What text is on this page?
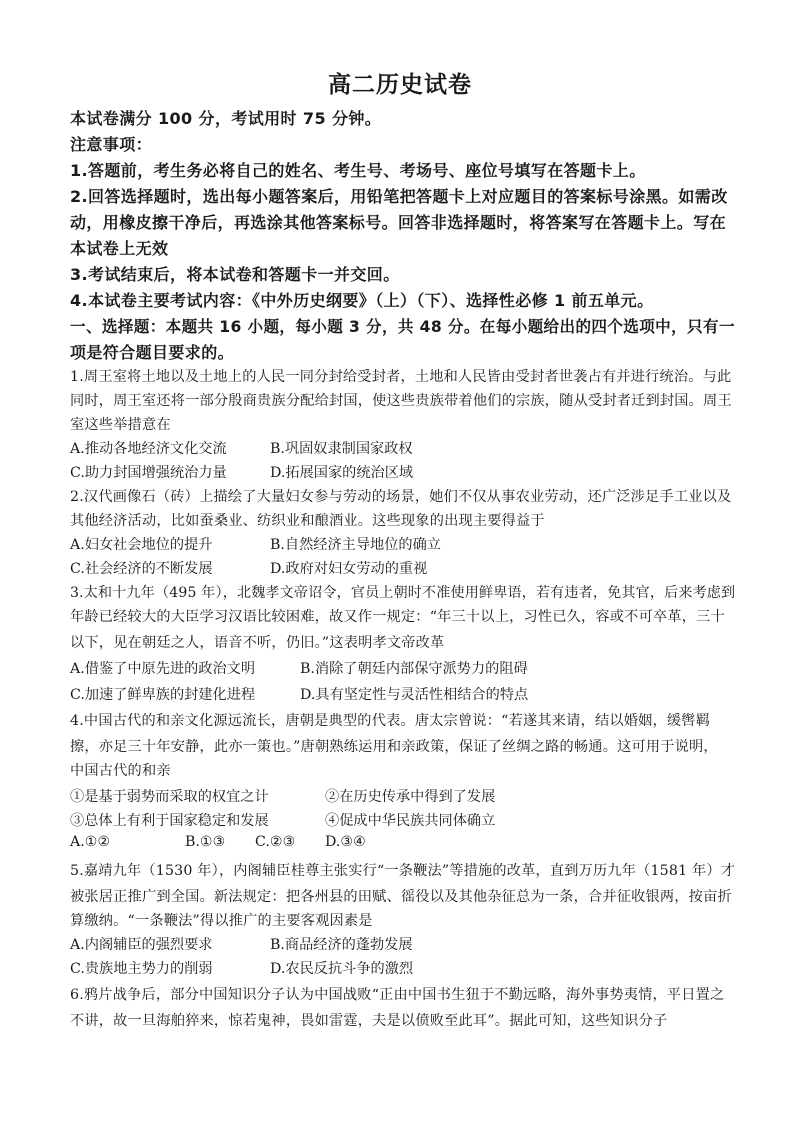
高二历史试卷
本试卷满分 100 分，考试用时 75 分钟。
注意事项：
1.答题前，考生务必将自己的姓名、考生号、考场号、座位号填写在答题卡上。
2.回答选择题时，选出每小题答案后，用铅笔把答题卡上对应题目的答案标号涂黑。如需改
动，用橡皮擦干净后，再选涂其他答案标号。回答非选择题时，将答案写在答题卡上。写在
本试卷上无效
3.考试结束后，将本试卷和答题卡一并交回。
4.本试卷主要考试内容：《中外历史纲要》（上）（下）、选择性必修 1 前五单元。
一、选择题：本题共 16 小题，每小题 3 分，共 48 分。在每小题给出的四个选项中，只有一
项是符合题目要求的。
1.周王室将土地以及土地上的人民一同分封给受封者，土地和人民皆由受封者世袭占有并进行统治。与此
同时，周王室还将一部分殷商贵族分配给封国，使这些贵族带着他们的宗族，随从受封者迁到封国。周王
室这些举措意在
A.推动各地经济文化交流	B.巩固奴隶制国家政权
C.助力封国增强统治力量	D.拓展国家的统治区域
2.汉代画像石（砖）上描绘了大量妇女参与劳动的场景，她们不仅从事农业劳动，还广泛涉足手工业以及
其他经济活动，比如蚕桑业、纺织业和酿酒业。这些现象的出现主要得益于
A.妇女社会地位的提升	B.自然经济主导地位的确立
C.社会经济的不断发展	D.政府对妇女劳动的重视
3.太和十九年（495 年），北魏孝文帝诏令，官员上朝时不准使用鲜卑语，若有违者，免其官，后来考虑到
年龄已经较大的大臣学习汉语比较困难，故又作一规定：“年三十以上，习性已久，容或不可卒革，三十
以下，见在朝廷之人，语音不听，仍旧。”这表明孝文帝改革
A.借鉴了中原先进的政治文明	B.消除了朝廷内部保守派势力的阻碍
C.加速了鲜卑族的封建化进程	D.具有坚定性与灵活性相结合的特点
4.中国古代的和亲文化源远流长，唐朝是典型的代表。唐太宗曾说：“若遂其来请，结以婚姻，缓辔羁
擦，亦足三十年安静，此亦一策也。”唐朝熟练运用和亲政策，保证了丝绸之路的畅通。这可用于说明，
中国古代的和亲
①是基于弱势而采取的权宜之计	②在历史传承中得到了发展
③总体上有利于国家稳定和发展	④促成中华民族共同体确立
A.①②	B.①③ C.②③ D.③④
5.嘉靖九年（1530 年），内阁辅臣桂尊主张实行“一条鞭法”等措施的改革，直到万历九年（1581 年）才
被张居正推广到全国。新法规定：把各州县的田赋、徭役以及其他杂征总为一条，合并征收银两，按亩折
算缴纳。“一条鞭法”得以推广的主要客观因素是
A.内阁辅臣的强烈要求	B.商品经济的蓬勃发展
C.贵族地主势力的削弱	D.农民反抗斗争的激烈
6.鸦片战争后，部分中国知识分子认为中国战败“正由中国书生狃于不勤远略，海外事势夷情，平日置之
不讲，故一旦海舶猝来，惊若鬼神，畏如雷霆，夫是以偾败至此耳”。据此可知，这些知识分子
